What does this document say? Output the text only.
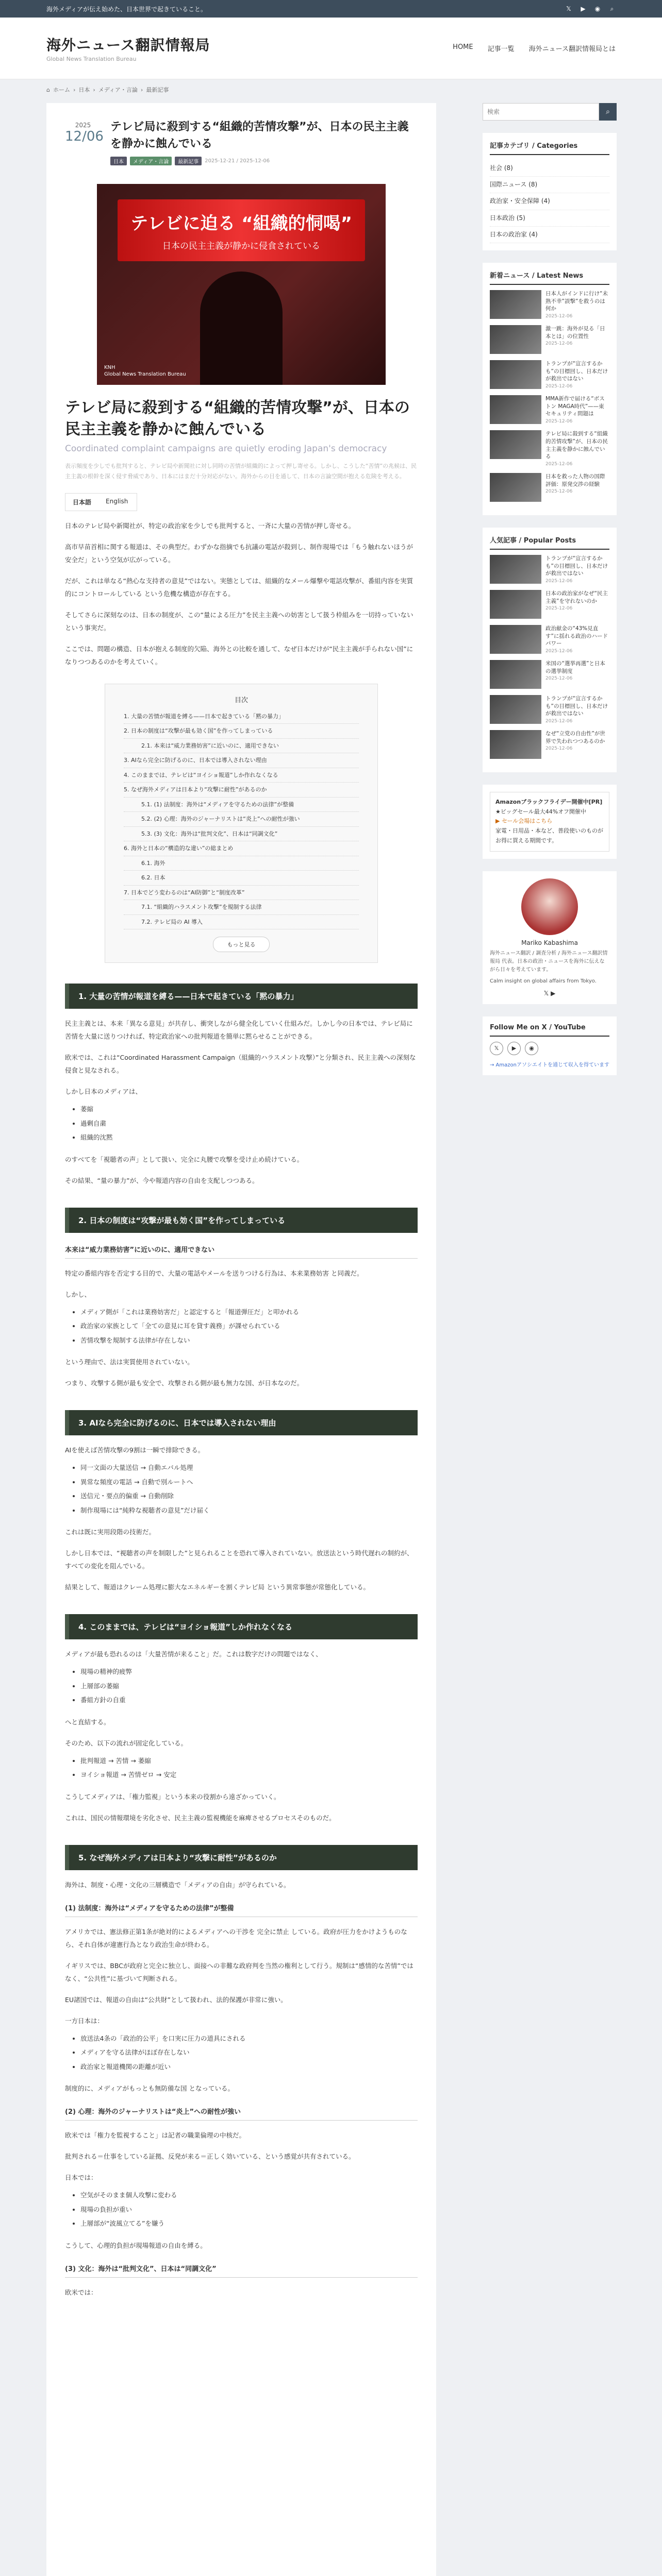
海外メディアが伝え始めた、日本世界で起きていること。	𝕏 ▶ ◉	⌕
海外ニュース翻訳情報局
Global News Translation Bureau
HOME 記事一覧 海外ニュース翻訳情報局とは
⌂ ホーム › 日本 › メディア・言論 › 最新記事
2025
12/06
テレビ局に殺到する“組織的苦情攻撃”が、日本の民主主義を静かに蝕んでいる
日本	メディア・言論	最新記事	2025-12-21 / 2025-12-06
テレビに迫る “組織的恫喝”
日本の民主主義が静かに侵食されている
KNH
Global News Translation Bureau
テレビ局に殺到する“組織的苦情攻撃”が、日本の民主主義を静かに蝕んでいる
Coordinated complaint campaigns are quietly eroding Japan's democracy
表示頻度を少しでも批判すると、テレビ局や新聞社に対し同時の苦情が組織的によって押し寄せる。しかし、こうした“苦情”の兆候は、民主主義の根幹を深く侵す脅威であり、日本にはまだ十分対応がない。海外からの目を通して、日本の言論空間が抱える危険を考える。
日本語	English

日本のテレビ局や新聞社が、特定の政治家を少しでも批判すると、一斉に大量の苦情が押し寄せる。

高市早苗首相に関する報道は、その典型だ。わずかな指摘でも抗議の電話が殺到し、制作現場では「もう触れないほうが安全だ」という空気が広がっている。

だが、これは単なる“熱心な支持者の意見”ではない。実態としては、組織的なメール爆撃や電話攻撃が、番組内容を実質的にコントロールしている という危機な構造が存在する。

そしてさらに深刻なのは、日本の制度が、この“量による圧力”を民主主義への妨害として扱う枠組みを一切持っていない という事実だ。

ここでは、問題の構造、日本が抱える制度的欠陥、海外との比較を通して、なぜ日本だけが“民主主義が手られない国”になりつつあるのかを考えていく。

目次
1. 大量の苦情が報道を縛る——日本で起きている「黙の暴力」
2. 日本の制度は“攻撃が最も効く国”を作ってしまっている
2.1. 本来は“威力業務妨害”に近いのに、適用できない
3. AIなら完全に防げるのに、日本では導入されない理由
4. このままでは、テレビは“ヨイショ報道”しか作れなくなる
5. なぜ海外メディアは日本より“攻撃に耐性”があるのか
5.1. (1) 法制度：海外は“メディアを守るための法律”が整備
5.2. (2) 心理：海外のジャーナリストは“炎上”への耐性が強い
5.3. (3) 文化：海外は“批判文化”、日本は“同調文化”
6. 海外と日本の“構造的な違い”の総まとめ
6.1. 海外
6.2. 日本
7. 日本でどう変わるのは“AI防御”と“制度改革”
7.1. “組織的ハラスメント攻撃”を規制する法律
7.2. テレビ局の AI 導入
もっと見る
1. 大量の苦情が報道を縛る——日本で起きている「黙の暴力」

民主主義とは、本来「異なる意見」が共存し、衝突しながら健全化していく仕組みだ。しかし今の日本では、テレビ局に苦情を大量に送りつければ、特定政治家への批判報道を簡単に黙らせることができる。

欧米では、これは“Coordinated Harassment Campaign（組織的ハラスメント攻撃）”と分類され、民主主義への深刻な侵食と見なされる。

しかし日本のメディアは、

• 萎縮
• 過剰自粛
• 組織的沈黙

のすべてを「視聴者の声」として扱い、完全に丸腰で攻撃を受け止め続けている。

その結果、“量の暴力”が、今や報道内容の自由を支配しつつある。

2. 日本の制度は“攻撃が最も効く国”を作ってしまっている
本来は“威力業務妨害”に近いのに、適用できない

特定の番組内容を否定する目的で、大量の電話やメールを送りつける行為は、本来業務妨害 と同義だ。

しかし、

• メディア側が「これは業務妨害だ」と認定すると「報道弾圧だ」と叩かれる
• 政治家の家族として「全ての意見に耳を貸す義務」が課せられている
• 苦情攻撃を規制する法律が存在しない

という理由で、法は実質使用されていない。

つまり、攻撃する側が最も安全で、攻撃される側が最も無力な国、が日本なのだ。

3. AIなら完全に防げるのに、日本では導入されない理由

AIを使えば苦情攻撃の9割は一瞬で排除できる。

• 同一文面の大量送信 → 自動エバル処理
• 異常な頻度の電話 → 自動で別ルートへ
• 送信元・要点的偏重 → 自動削除
• 制作現場には“純粋な視聴者の意見”だけ届く

これは既に実用段階の技術だ。

しかし日本では、“視聴者の声を制限した”と見られることを恐れて導入されていない。放送法という時代遅れの制約が、すべての変化を阻んでいる。

結果として、報道はクレーム処理に膨大なエネルギーを割くテレビ局 という異常事態が常態化している。

4. このままでは、テレビは“ヨイショ報道”しか作れなくなる

メディアが最も恐れるのは「大量苦情が来ること」だ。これは数字だけの問題ではなく、

• 現場の精神的疲弊
• 上層部の萎縮
• 番組方針の自重

へと直結する。

そのため、以下の流れが固定化している。

• 批判報道 → 苦情 → 萎縮
• ヨイショ報道 → 苦情ゼロ → 安定

こうしてメディアは、「権力監視」という本来の役割から遠ざかっていく。

これは、国民の情報環境を劣化させ、民主主義の監視機能を麻痺させるプロセスそのものだ。

5. なぜ海外メディアは日本より“攻撃に耐性”があるのか

海外は、制度・心理・文化の三層構造で「メディアの自由」が守られている。

(1) 法制度：海外は“メディアを守るための法律”が整備

アメリカでは、憲法修正第1条が絶対的によるメディアへの干渉を 完全に禁止 している。政府が圧力をかけようものなら、それ自体が違憲行為となり政治生命が終わる。

イギリスでは、BBCが政府と完全に独立し、面接への非難な政府判を当然の権利として行う。規制は“感情的な苦情”ではなく、“公共性”に基づいて判断される。

EU諸国では、報道の自由は“公共財”として扱われ、法的保護が非常に強い。

一方日本は：

• 放送法4条の「政治的公平」を口実に圧力の道具にされる
• メディアを守る法律がほぼ存在しない
• 政治家と報道機関の距離が近い

制度的に、メディアがもっとも無防備な国 となっている。

(2) 心理：海外のジャーナリストは“炎上”への耐性が強い

欧米では「権力を監視すること」は記者の職業倫理の中核だ。

批判される＝仕事をしている証拠、反発が来る＝正しく効いている、という感覚が共有されている。

日本では：

• 空気がそのまま個人攻撃に変わる
• 現場の負担が重い
• 上層部が“波風立てる”を嫌う

こうして、心理的負担が現場報道の自由を縛る。

(3) 文化：海外は“批判文化”、日本は“同調文化”

欧米では：

検索
⌕
記事カテゴリ / Categories
社会 (8)
国際ニュース (8)
政治家・安全保障 (4)
日本政治 (5)
日本の政治家 (4)
新着ニュース / Latest News
日本人がインドに行け“未熟不幸”誤撃”を救うのは何か
2025-12-06
激一跳：海外が見る「日本とは」の位置性
2025-12-06
トランプが“宣言するかも”の目標回し、日本だけが救出ではない
2025-12-06
MMA新作で届ける“ボストン MAGA時代”——東セキュリティ問題は
2025-12-06
テレビ局に殺到する“組織的苦情攻撃”が、日本の民主主義を静かに蝕んでいる
2025-12-06
日本を救った人物の国際評価：原発交渉の経験
2025-12-06
人気記事 / Popular Posts
トランプが“宣言するかも”の目標回し、日本だけが救出ではない
2025-12-06
日本の政治家がなぜ“民主主義”を守れないのか
2025-12-06
政治献金の“43%見直す”に揺れる政治のハードパワー
2025-12-06
米国の“選挙再選”と日本の選挙制度
2025-12-06
トランプが“宣言するかも”の目標回し、日本だけが救出ではない
2025-12-06
なぜ“立党の自由性”が世界で失われつつあるのか
2025-12-06
Amazonブラックフライデー開催中[PR]
★ビッグセール最大44%オフ開催中
▶ セール会場はこちら
家電・日用品・本など、普段使いのものがお得に買える期間です。
Mariko Kabashima
海外ニュース翻訳 / 調査分析 / 海外ニュース翻訳情報局 代表。日本の政治・ニュースを海外に伝えながら日々を考えています。
Calm insight on global affairs from Tokyo.
𝕏 ▶
Follow Me on X / YouTube
𝕏	▶	◉
→ Amazonアソシエイトを通じて収入を得ています
